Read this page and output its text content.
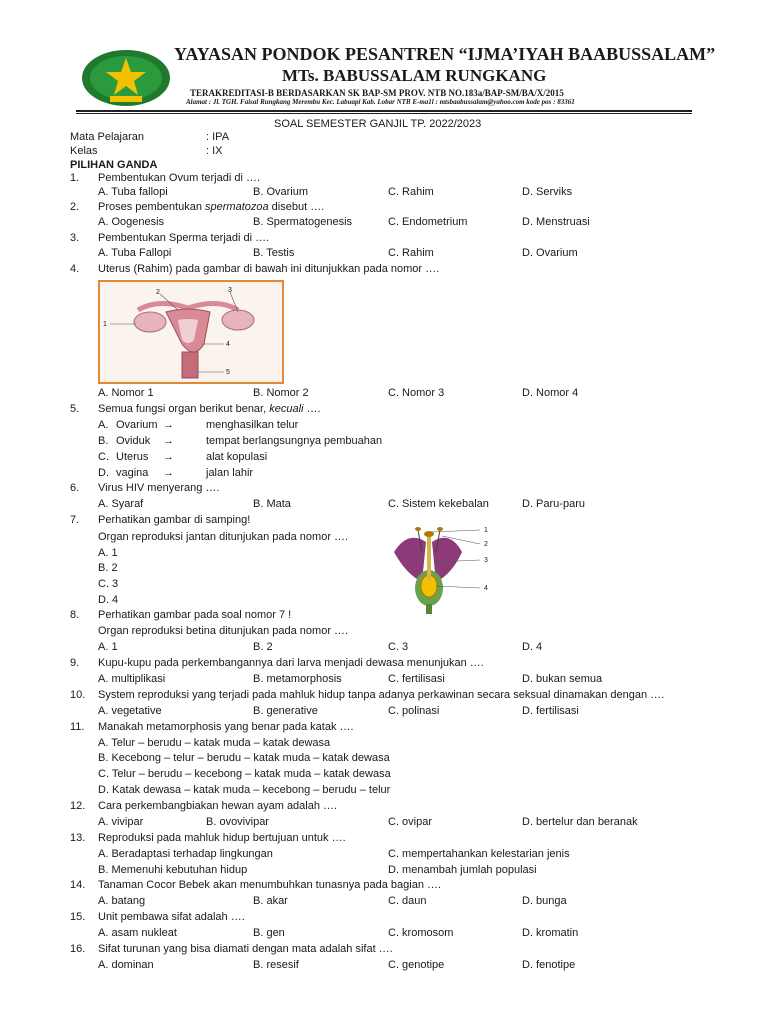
YAYASAN PONDOK PESANTREN “IJMA’IYAH BAABUSSALAM”
MTs. BABUSSALAM RUNGKANG
TERAKREDITASI-B BERDASARKAN SK BAP-SM PROV. NTB NO.183a/BAP-SM/BA/X/2015
Alamat : Jl. TGH. Faisal Rungkang Merembu Kec. Labuapi Kab. Lobar NTB E-ma1l : mtsbaabussalam@yahoo.com kode pos : 83361
SOAL SEMESTER GANJIL TP. 2022/2023
Mata Pelajaran	: IPA
Kelas	: IX
PILIHAN GANDA
1. Pembentukan Ovum terjadi di ….
A. Tuba fallopi	B. Ovarium	C. Rahim	D. Serviks
2. Proses pembentukan spermatozoa disebut ….
A. Oogenesis	B. Spermatogenesis	C. Endometrium	D. Menstruasi
3. Pembentukan Sperma terjadi di ….
A. Tuba Fallopi	B. Testis	C. Rahim	D. Ovarium
4. Uterus (Rahim) pada gambar di bawah ini ditunjukkan pada nomor ….
1
2	3
4
5
A. Nomor 1	B. Nomor 2	C. Nomor 3	D. Nomor 4
5. Semua fungsi organ berikut benar, kecuali ….
A. Ovarium →	menghasilkan telur
B. Oviduk →	tempat berlangsungnya pembuahan
C. Uterus →	alat kopulasi
D. vagina →	jalan lahir
6. Virus HIV menyerang ….
A. Syaraf	B. Mata	C. Sistem kekebalan	D. Paru-paru
7. Perhatikan gambar di samping!
Organ reproduksi jantan ditunjukan pada nomor ….
A. 1
B. 2
C. 3
D. 4
1
2
3
4
8. Perhatikan gambar pada soal nomor 7 !
Organ reproduksi betina ditunjukan pada nomor ….
A. 1	B. 2	C. 3	D. 4
9. Kupu-kupu pada perkembangannya dari larva menjadi dewasa menunjukan ….
A. multiplikasi	B. metamorphosis	C. fertilisasi	D. bukan semua
10. System reproduksi yang terjadi pada mahluk hidup tanpa adanya perkawinan secara seksual dinamakan dengan ….
A. vegetative	B. generative	C. polinasi	D. fertilisasi
11. Manakah metamorphosis yang benar pada katak ….
A. Telur – berudu – katak muda – katak dewasa
B. Kecebong – telur – berudu – katak muda – katak dewasa
C. Telur – berudu – kecebong – katak muda – katak dewasa
D. Katak dewasa – katak muda – kecebong – berudu – telur
12. Cara perkembangbiakan hewan ayam adalah ….
A. vivipar	B. ovovivipar	C. ovipar	D. bertelur dan beranak
13. Reproduksi pada mahluk hidup bertujuan untuk ….
A. Beradaptasi terhadap lingkungan	C. mempertahankan kelestarian jenis
B. Memenuhi kebutuhan hidup	D. menambah jumlah populasi
14. Tanaman Cocor Bebek akan menumbuhkan tunasnya pada bagian ….
A. batang	B. akar	C. daun	D. bunga
15. Unit pembawa sifat adalah ….
A. asam nukleat	B. gen	C. kromosom	D. kromatin
16. Sifat turunan yang bisa diamati dengan mata adalah sifat ….
A. dominan	B. resesif	C. genotipe	D. fenotipe
